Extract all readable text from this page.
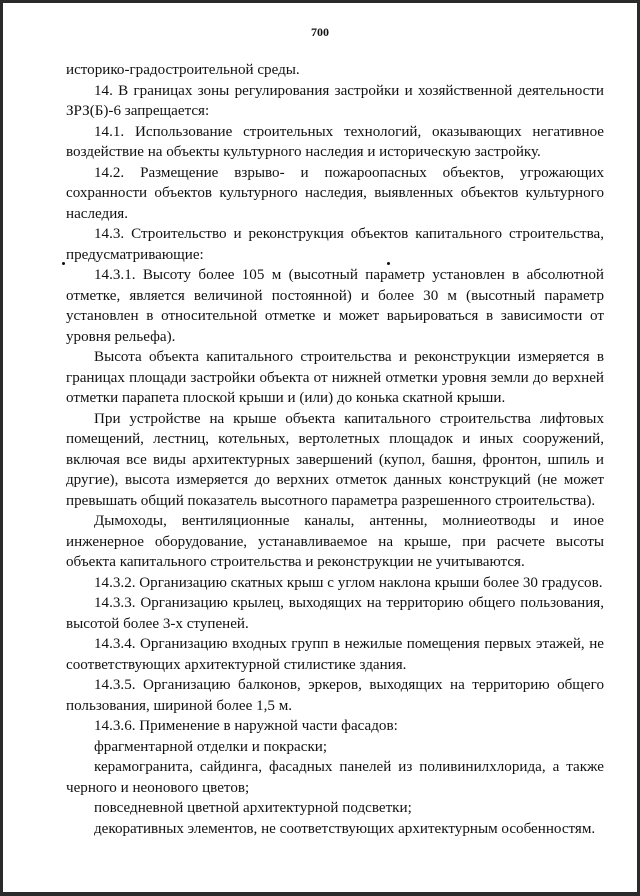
700

историко-градостроительной среды.

14. В границах зоны регулирования застройки и хозяйственной деятельности ЗРЗ(Б)-6 запрещается:

14.1. Использование строительных технологий, оказывающих негативное воздействие на объекты культурного наследия и историческую застройку.

14.2. Размещение взрыво- и пожароопасных объектов, угрожающих сохранности объектов культурного наследия, выявленных объектов культурного наследия.

14.3. Строительство и реконструкция объектов капитального строительства, предусматривающие:

14.3.1. Высоту более 105 м (высотный параметр установлен в абсолютной отметке, является величиной постоянной) и более 30 м (высотный параметр установлен в относительной отметке и может варьироваться в зависимости от уровня рельефа).

Высота объекта капитального строительства и реконструкции измеряется в границах площади застройки объекта от нижней отметки уровня земли до верхней отметки парапета плоской крыши и (или) до конька скатной крыши.

При устройстве на крыше объекта капитального строительства лифтовых помещений, лестниц, котельных, вертолетных площадок и иных сооружений, включая все виды архитектурных завершений (купол, башня, фронтон, шпиль и другие), высота измеряется до верхних отметок данных конструкций (не может превышать общий показатель высотного параметра разрешенного строительства).

Дымоходы, вентиляционные каналы, антенны, молниеотводы и иное инженерное оборудование, устанавливаемое на крыше, при расчете высоты объекта капитального строительства и реконструкции не учитываются.

14.3.2. Организацию скатных крыш с углом наклона крыши более 30 градусов.

14.3.3. Организацию крылец, выходящих на территорию общего пользования, высотой более 3-х ступеней.

14.3.4. Организацию входных групп в нежилые помещения первых этажей, не соответствующих архитектурной стилистике здания.

14.3.5. Организацию балконов, эркеров, выходящих на территорию общего пользования, шириной более 1,5 м.

14.3.6. Применение в наружной части фасадов:

фрагментарной отделки и покраски;

керамогранита, сайдинга, фасадных панелей из поливинилхлорида, а также черного и неонового цветов;

повседневной цветной архитектурной подсветки;

декоративных элементов, не соответствующих архитектурным особенностям.
